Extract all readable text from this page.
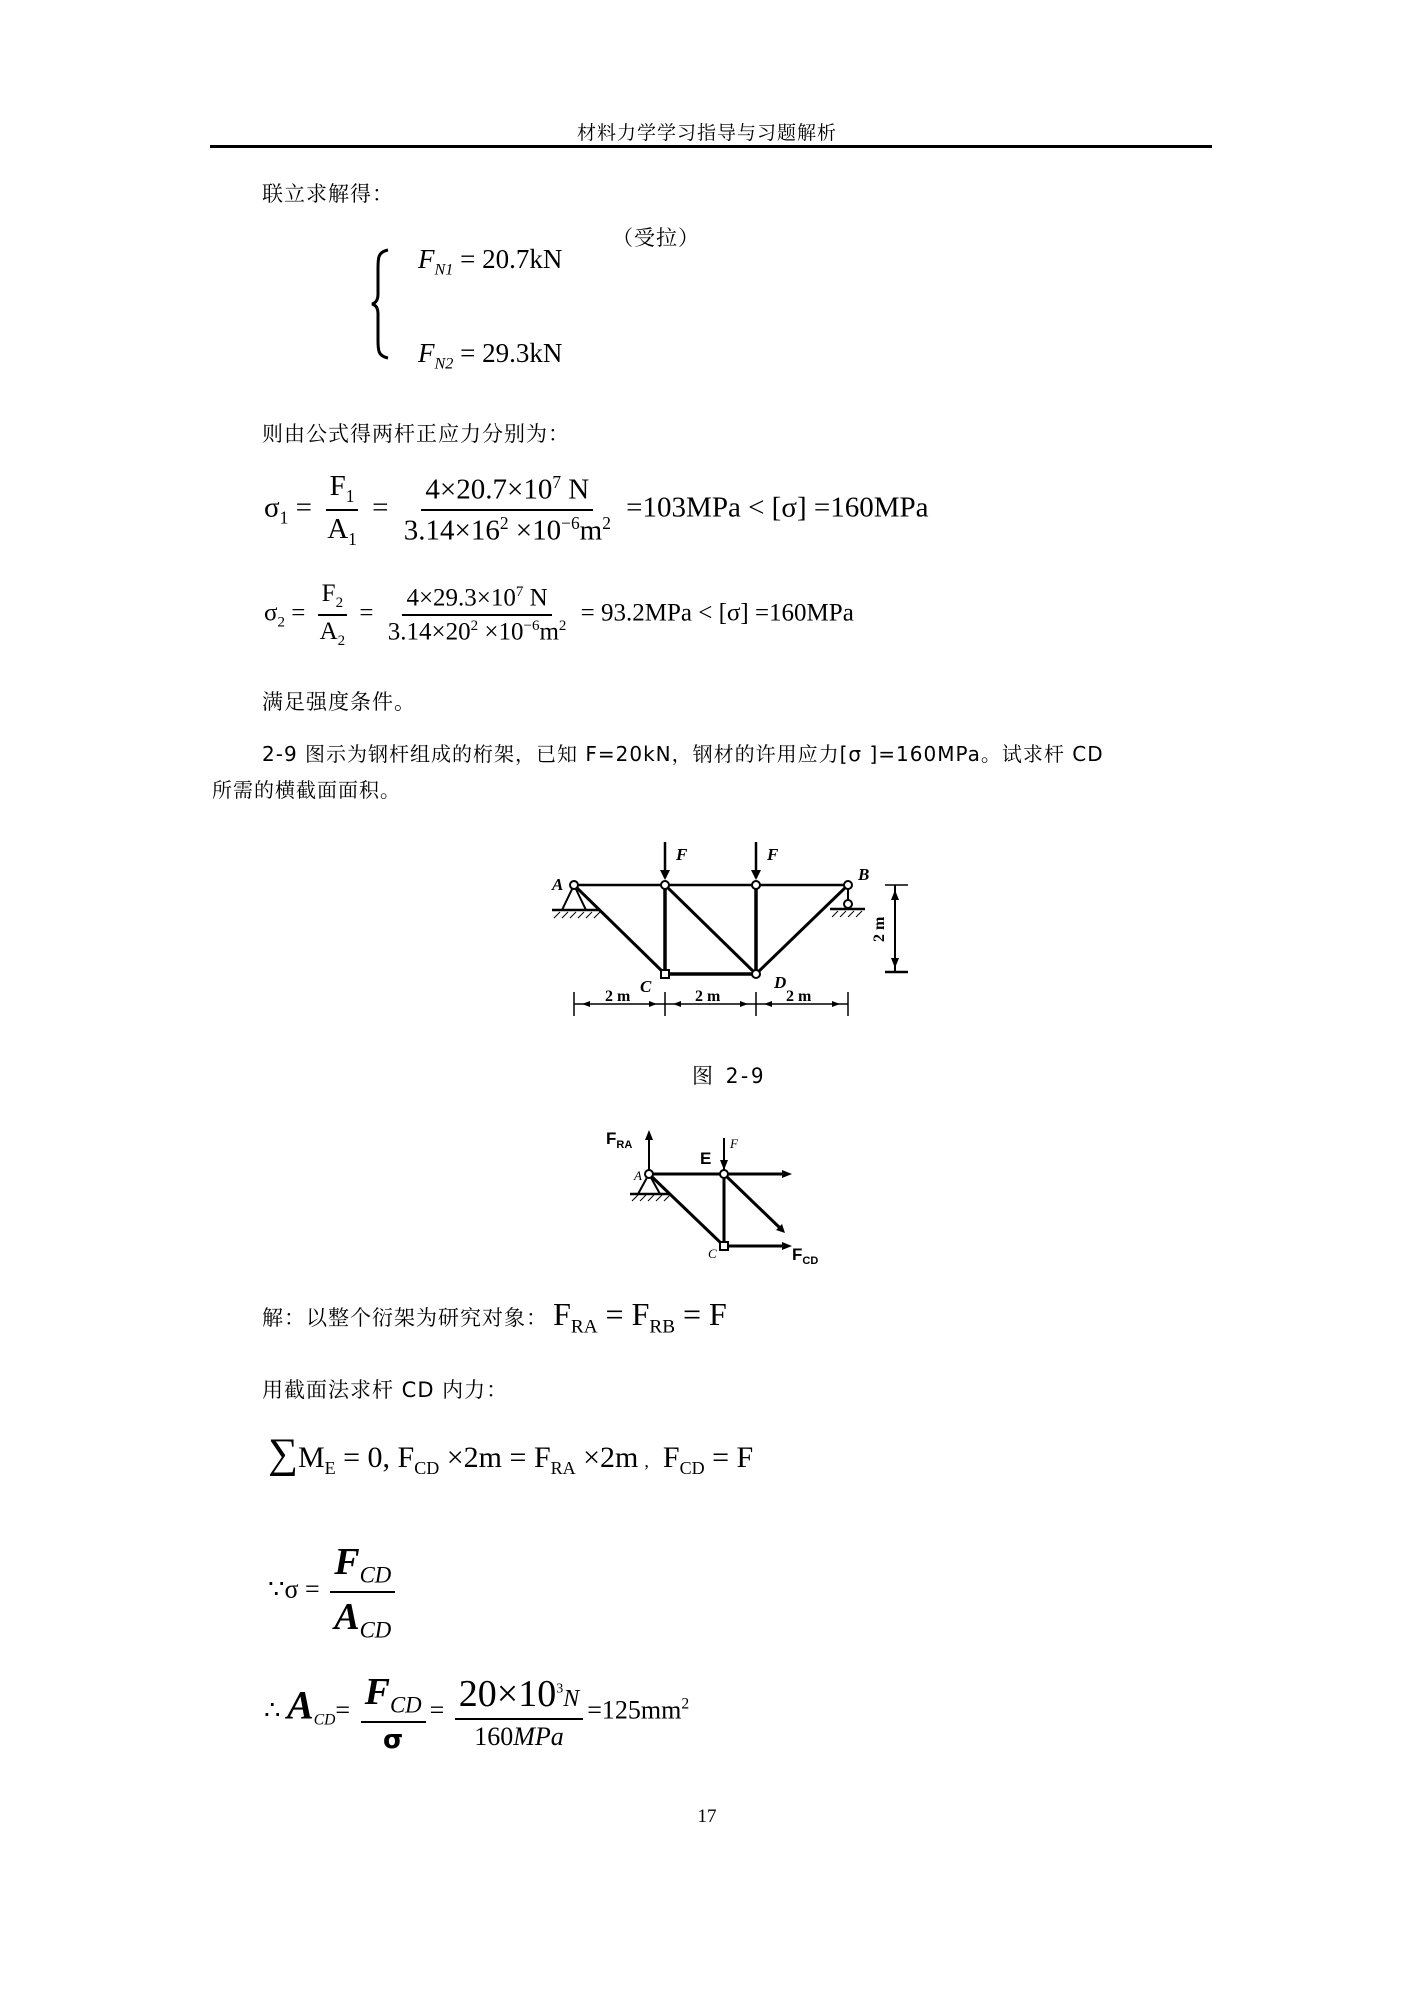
材料力学学习指导与习题解析
联立求解得：
$F_{N1} = 20.7kN$
（受拉）
$F_{N2} = 29.3kN$
则由公式得两杆正应力分别为：
$\sigma_1 = \frac{F_1}{A_1} = \frac{4\times 20.7\times 10^7 N}{3.14\times 16^2 \times 10^{-6}m^2} =103MPa < [\sigma] =160MPa$
$\sigma_2 = \frac{F_2}{A_2} = \frac{4\times 29.3\times 10^7 N}{3.14\times 20^2 \times 10^{-6}m^2} = 93.2MPa < [\sigma] =160MPa$
满足强度条件。
2-9 图示为钢杆组成的桁架，已知 F=20kN，钢材的许用应力[σ ]=160MPa。试求杆 CD
所需的横截面面积。
A
F	F
B
C	D
2 m	2 m	2 m
2 m
图 2-9
$F_{RA}$
E
$F_{CD}$
A
F
C
解：以整个衍架为研究对象： $F_{RA} = F_{RB} = F$
用截面法求杆 CD 内力：
$\sum M_E = 0$, $F_{CD} \times 2m = F_{RA} \times 2m$ , $F_{CD} = F$
∵σ = $\frac{F_{CD}}{A_{CD}}$
∴ $A_{CD}= \frac{F_{CD}}{\sigma} = \frac{20\times 10^3N}{\text{160MPa}} =125mm^2$
17
